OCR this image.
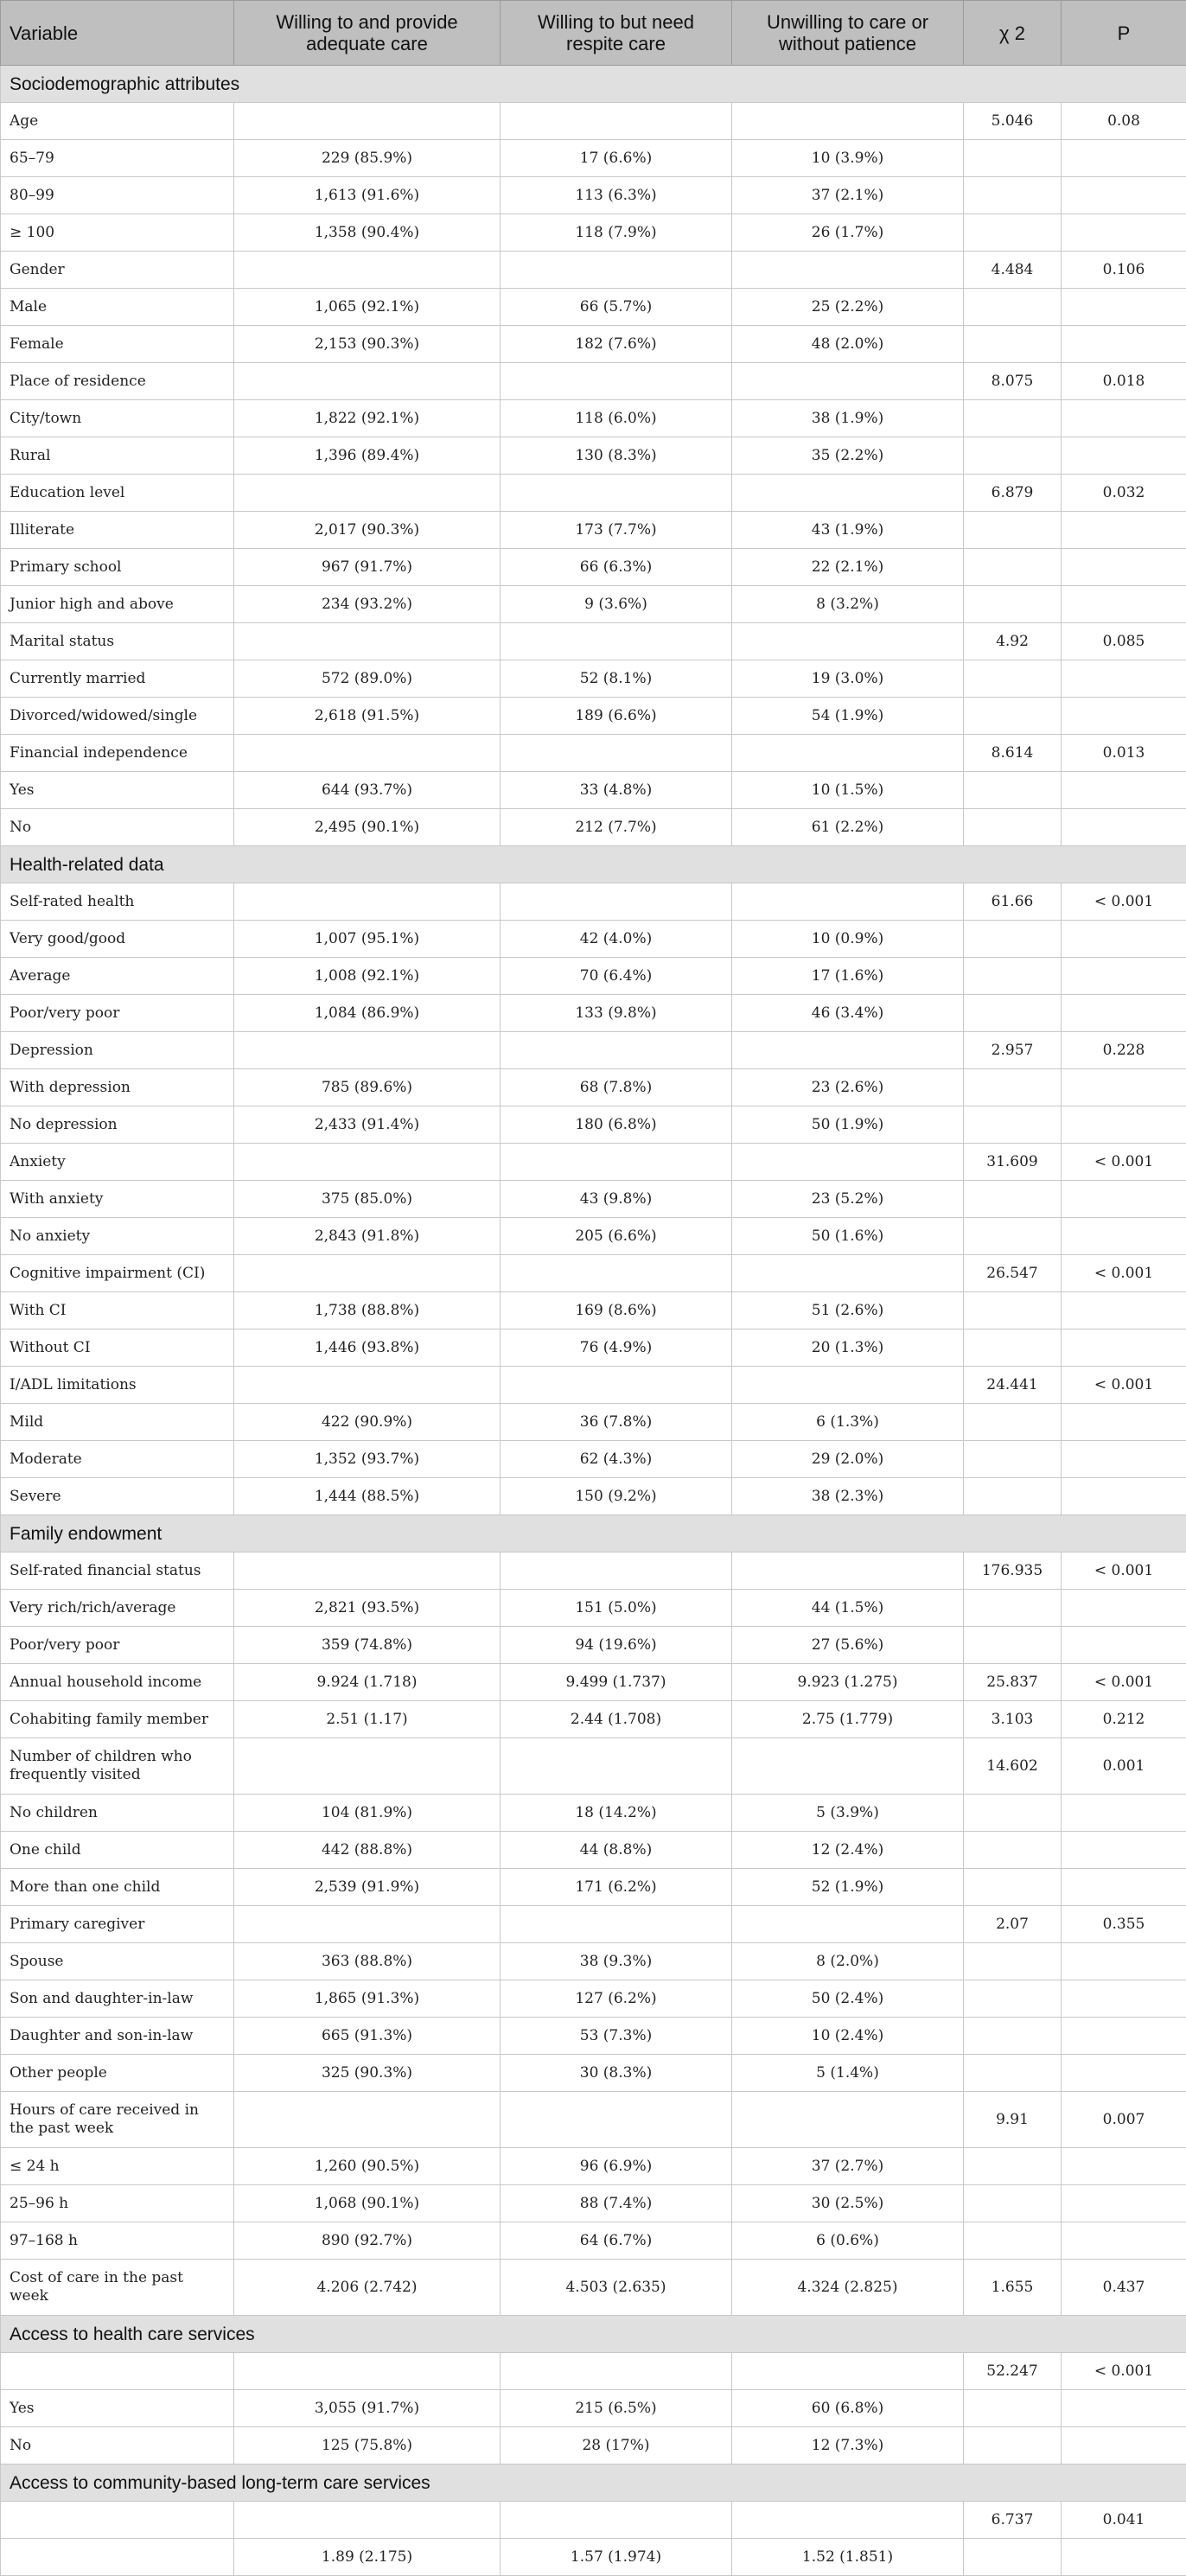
Variable	Willing to and provide adequate care	Willing to but need respite care	Unwilling to care or without patience	χ 2	P
Sociodemographic attributes					
Age				5.046	0.08
65–79	229 (85.9%)	17 (6.6%)	10 (3.9%)		
80–99	1,613 (91.6%)	113 (6.3%)	37 (2.1%)		
≥ 100	1,358 (90.4%)	118 (7.9%)	26 (1.7%)		
Gender				4.484	0.106
Male	1,065 (92.1%)	66 (5.7%)	25 (2.2%)		
Female	2,153 (90.3%)	182 (7.6%)	48 (2.0%)		
Place of residence				8.075	0.018
City/town	1,822 (92.1%)	118 (6.0%)	38 (1.9%)		
Rural	1,396 (89.4%)	130 (8.3%)	35 (2.2%)		
Education level				6.879	0.032
Illiterate	2,017 (90.3%)	173 (7.7%)	43 (1.9%)		
Primary school	967 (91.7%)	66 (6.3%)	22 (2.1%)		
Junior high and above	234 (93.2%)	9 (3.6%)	8 (3.2%)		
Marital status				4.92	0.085
Currently married	572 (89.0%)	52 (8.1%)	19 (3.0%)		
Divorced/widowed/single	2,618 (91.5%)	189 (6.6%)	54 (1.9%)		
Financial independence				8.614	0.013
Yes	644 (93.7%)	33 (4.8%)	10 (1.5%)		
No	2,495 (90.1%)	212 (7.7%)	61 (2.2%)		
Health-related data					
Self-rated health				61.66	< 0.001
Very good/good	1,007 (95.1%)	42 (4.0%)	10 (0.9%)		
Average	1,008 (92.1%)	70 (6.4%)	17 (1.6%)		
Poor/very poor	1,084 (86.9%)	133 (9.8%)	46 (3.4%)		
Depression				2.957	0.228
With depression	785 (89.6%)	68 (7.8%)	23 (2.6%)		
No depression	2,433 (91.4%)	180 (6.8%)	50 (1.9%)		
Anxiety				31.609	< 0.001
With anxiety	375 (85.0%)	43 (9.8%)	23 (5.2%)		
No anxiety	2,843 (91.8%)	205 (6.6%)	50 (1.6%)		
Cognitive impairment (CI)				26.547	< 0.001
With CI	1,738 (88.8%)	169 (8.6%)	51 (2.6%)		
Without CI	1,446 (93.8%)	76 (4.9%)	20 (1.3%)		
I/ADL limitations				24.441	< 0.001
Mild	422 (90.9%)	36 (7.8%)	6 (1.3%)		
Moderate	1,352 (93.7%)	62 (4.3%)	29 (2.0%)		
Severe	1,444 (88.5%)	150 (9.2%)	38 (2.3%)		
Family endowment					
Self-rated financial status				176.935	< 0.001
Very rich/rich/average	2,821 (93.5%)	151 (5.0%)	44 (1.5%)		
Poor/very poor	359 (74.8%)	94 (19.6%)	27 (5.6%)		
Annual household income	9.924 (1.718)	9.499 (1.737)	9.923 (1.275)	25.837	< 0.001
Cohabiting family member	2.51 (1.17)	2.44 (1.708)	2.75 (1.779)	3.103	0.212
Number of children who frequently visited				14.602	0.001
No children	104 (81.9%)	18 (14.2%)	5 (3.9%)		
One child	442 (88.8%)	44 (8.8%)	12 (2.4%)		
More than one child	2,539 (91.9%)	171 (6.2%)	52 (1.9%)		
Primary caregiver				2.07	0.355
Spouse	363 (88.8%)	38 (9.3%)	8 (2.0%)		
Son and daughter-in-law	1,865 (91.3%)	127 (6.2%)	50 (2.4%)		
Daughter and son-in-law	665 (91.3%)	53 (7.3%)	10 (2.4%)		
Other people	325 (90.3%)	30 (8.3%)	5 (1.4%)		
Hours of care received in the past week				9.91	0.007
≤ 24 h	1,260 (90.5%)	96 (6.9%)	37 (2.7%)		
25–96 h	1,068 (90.1%)	88 (7.4%)	30 (2.5%)		
97–168 h	890 (92.7%)	64 (6.7%)	6 (0.6%)		
Cost of care in the past week	4.206 (2.742)	4.503 (2.635)	4.324 (2.825)	1.655	0.437
Access to health care services					
				52.247	< 0.001
Yes	3,055 (91.7%)	215 (6.5%)	60 (6.8%)		
No	125 (75.8%)	28 (17%)	12 (7.3%)		
Access to community-based long-term care services					
				6.737	0.041
	1.89 (2.175)	1.57 (1.974)	1.52 (1.851)		
